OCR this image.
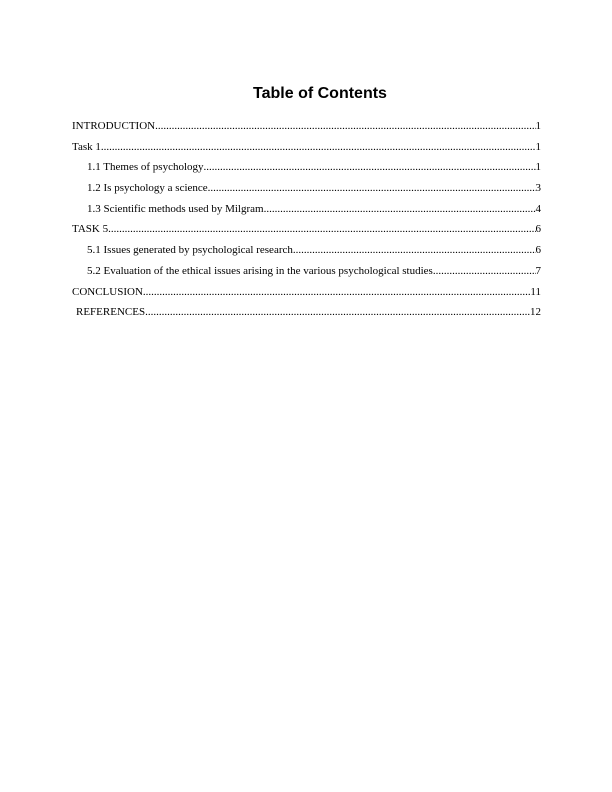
Table of Contents
INTRODUCTION .....	1
Task 1 .....	1
1.1 Themes of psychology .....	1
1.2 Is psychology a science .....	3
1.3 Scientific methods used by Milgram .....	4
TASK 5 .....	6
5.1 Issues generated by psychological research .....	6
5.2 Evaluation of the ethical issues arising in the various psychological studies .....	7
CONCLUSION .....	11
REFERENCES .....	12
